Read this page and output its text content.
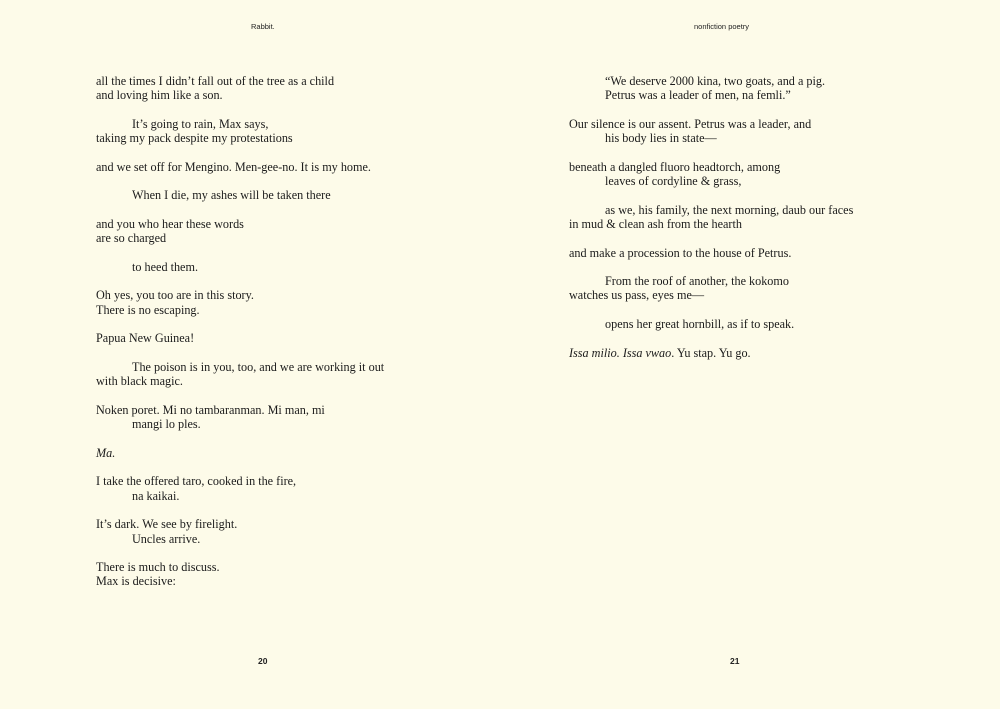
Rabbit.
all the times I didn’t fall out of the tree as a child
and loving him like a son.
It’s going to rain, Max says,
taking my pack despite my protestations
and we set off for Mengino. Men-gee-no. It is my home.
When I die, my ashes will be taken there
and you who hear these words
are so charged
to heed them.
Oh yes, you too are in this story.
There is no escaping.
Papua New Guinea!
The poison is in you, too, and we are working it out
with black magic.
Noken poret. Mi no tambaranman. Mi man, mi
mangi lo ples.
Ma.
I take the offered taro, cooked in the fire,
na kaikai.
It’s dark. We see by firelight.
Uncles arrive.
There is much to discuss.
Max is decisive:
20
nonfiction poetry
“We deserve 2000 kina, two goats, and a pig.
Petrus was a leader of men, na femli.”
Our silence is our assent. Petrus was a leader, and
his body lies in state—
beneath a dangled fluoro headtorch, among
leaves of cordyline & grass,
as we, his family, the next morning, daub our faces
in mud & clean ash from the hearth
and make a procession to the house of Petrus.
From the roof of another, the kokomo
watches us pass, eyes me—
opens her great hornbill, as if to speak.
Issa milio. Issa vwao. Yu stap. Yu go.
21
